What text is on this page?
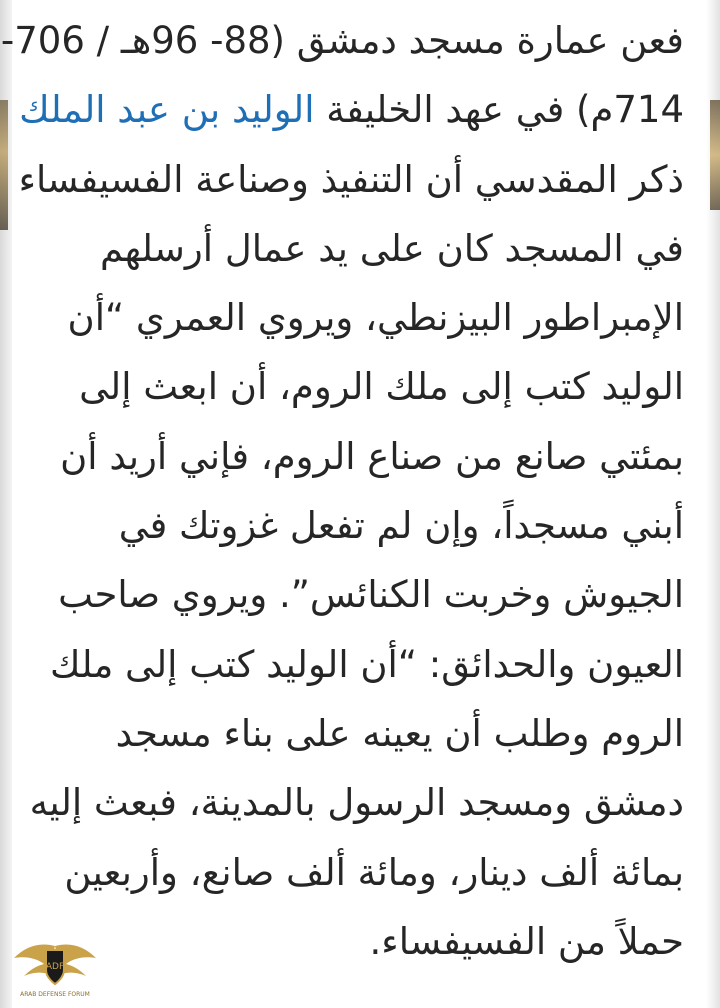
فعن عمارة مسجد دمشق (88- 96هـ / 706-
714م) في عهد الخليفة الوليد بن عبد الملك
ذكر المقدسي أن التنفيذ وصناعة الفسيفساء
في المسجد كان على يد عمال أرسلهم
الإمبراطور البيزنطي، ويروي العمري “أن
الوليد كتب إلى ملك الروم، أن ابعث إلى
بمئتي صانع من صناع الروم، فإني أريد أن
أبني مسجداً، وإن لم تفعل غزوتك في
الجيوش وخربت الكنائس”. ويروي صاحب
العيون والحدائق: “أن الوليد كتب إلى ملك
الروم وطلب أن يعينه على بناء مسجد
دمشق ومسجد الرسول بالمدينة، فبعث إليه
بمائة ألف دينار، ومائة ألف صانع، وأربعين
حملاً من الفسيفساء.

ADF
ARAB DEFENSE FORUM
